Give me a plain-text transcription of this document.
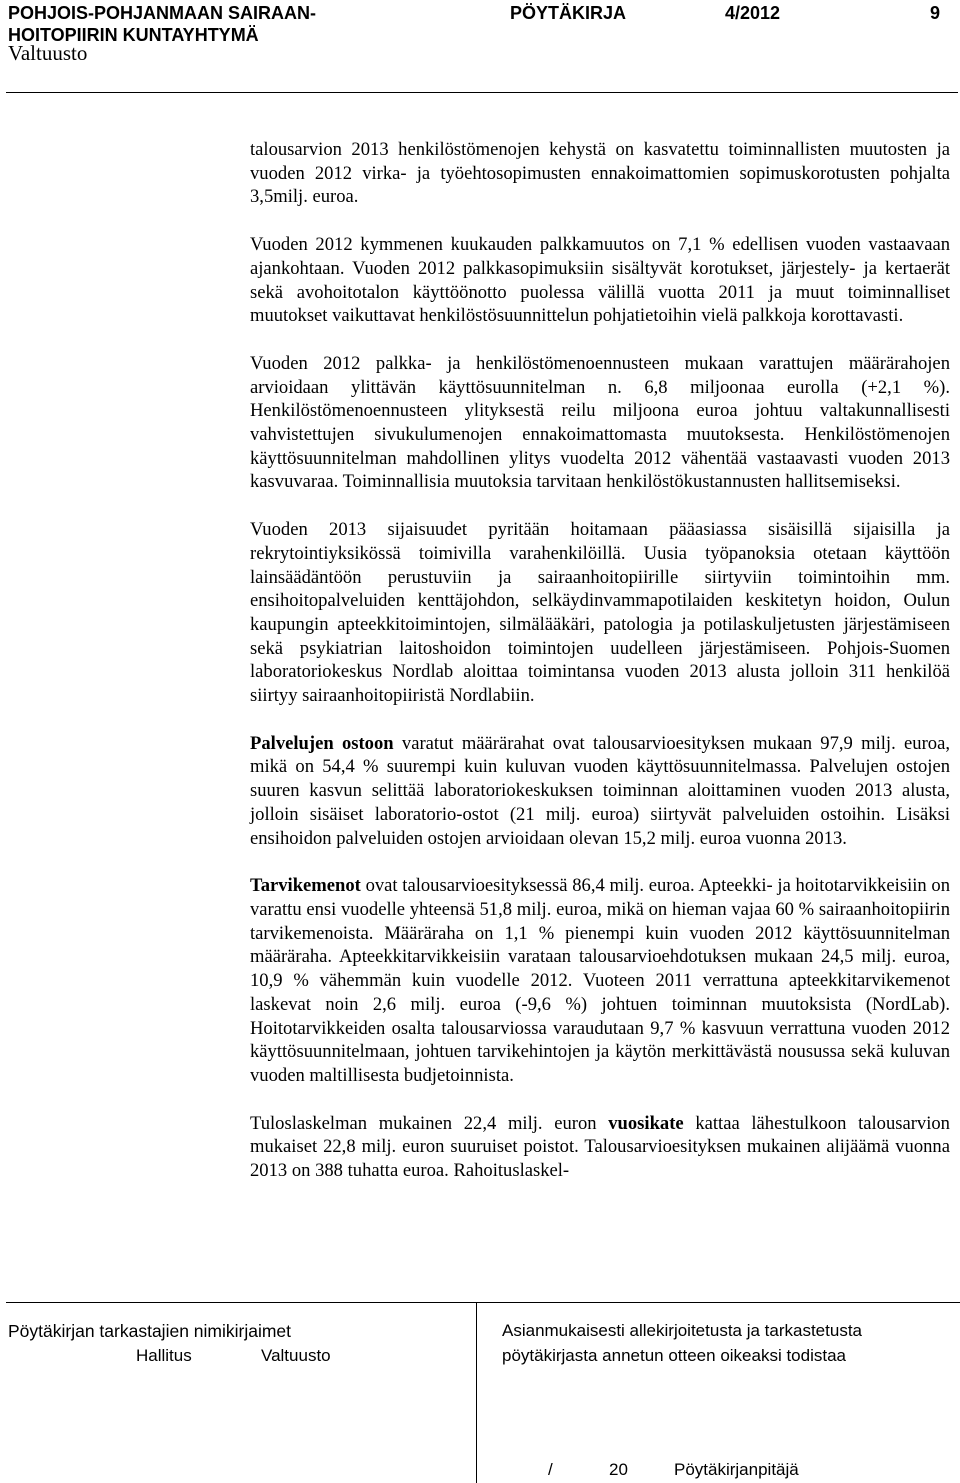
POHJOIS-POHJANMAAN SAIRAAN-
HOITOPIIRIN KUNTAYHTYMÄ
PÖYTÄKIRJA	4/2012	9
Valtuusto

talousarvion 2013 henkilöstömenojen kehystä on kasvatettu toiminnallisten muutosten ja vuoden 2012 virka- ja työehtosopimusten ennakoimattomien sopimuskorotusten pohjalta 3,5milj. euroa.

Vuoden 2012 kymmenen kuukauden palkkamuutos on 7,1 % edellisen vuoden vastaavaan ajankohtaan. Vuoden 2012 palkkasopimuksiin sisältyvät korotukset, järjestely- ja kertaerät sekä avohoitotalon käyttöönotto puolessa välillä vuotta 2011 ja muut toiminnalliset muutokset vaikuttavat henkilöstösuunnittelun pohjatietoihin vielä palkkoja korottavasti.

Vuoden 2012 palkka- ja henkilöstömenoennusteen mukaan varattujen määrärahojen arvioidaan ylittävän käyttösuunnitelman n. 6,8 miljoonaa eurolla (+2,1 %). Henkilöstömenoennusteen ylityksestä reilu miljoona euroa johtuu valtakunnallisesti vahvistettujen sivukulumenojen ennakoimattomasta muutoksesta. Henkilöstömenojen käyttösuunnitelman mahdollinen ylitys vuodelta 2012 vähentää vastaavasti vuoden 2013 kasvuvaraa. Toiminnallisia muutoksia tarvitaan henkilöstökustannusten hallitsemiseksi.

Vuoden 2013 sijaisuudet pyritään hoitamaan pääasiassa sisäisillä sijaisilla ja rekrytointiyksikössä toimivilla varahenkilöillä. Uusia työpanoksia otetaan käyttöön lainsäädäntöön perustuviin ja sairaanhoitopiirille siirtyviin toimintoihin mm. ensihoitopalveluiden kenttäjohdon, selkäydinvammapotilaiden keskitetyn hoidon, Oulun kaupungin apteekkitoimintojen, silmälääkäri, patologia ja potilaskuljetusten järjestämiseen sekä psykiatrian laitoshoidon toimintojen uudelleen järjestämiseen. Pohjois-Suomen laboratoriokeskus Nordlab aloittaa toimintansa vuoden 2013 alusta jolloin 311 henkilöä siirtyy sairaanhoitopiiristä Nordlabiin.

Palvelujen ostoon varatut määrärahat ovat talousarvioesityksen mukaan 97,9 milj. euroa, mikä on 54,4 % suurempi kuin kuluvan vuoden käyttösuunnitelmassa. Palvelujen ostojen suuren kasvun selittää laboratoriokeskuksen toiminnan aloittaminen vuoden 2013 alusta, jolloin sisäiset laboratorio-ostot (21 milj. euroa) siirtyvät palveluiden ostoihin. Lisäksi ensihoidon palveluiden ostojen arvioidaan olevan 15,2 milj. euroa vuonna 2013.

Tarvikemenot ovat talousarvioesityksessä 86,4 milj. euroa. Apteekki- ja hoitotarvikkeisiin on varattu ensi vuodelle yhteensä 51,8 milj. euroa, mikä on hieman vajaa 60 % sairaanhoitopiirin tarvikemenoista. Määräraha on 1,1 % pienempi kuin vuoden 2012 käyttösuunnitelman määräraha. Apteekkitarvikkeisiin varataan talousarvioehdotuksen mukaan 24,5 milj. euroa, 10,9 % vähemmän kuin vuodelle 2012. Vuoteen 2011 verrattuna apteekkitarvikemenot laskevat noin 2,6 milj. euroa (-9,6 %) johtuen toiminnan muutoksista (NordLab). Hoitotarvikkeiden osalta talousarviossa varaudutaan 9,7 % kasvuun verrattuna vuoden 2012 käyttösuunnitelmaan, johtuen tarvikehintojen ja käytön merkittävästä nousussa sekä kuluvan vuoden maltillisesta budjetoinnista.

Tuloslaskelman mukainen 22,4 milj. euron vuosikate kattaa lähestulkoon talousarvion mukaiset 22,8 milj. euron suuruiset poistot. Talousarvioesityksen mukainen alijäämä vuonna 2013 on 388 tuhatta euroa. Rahoituslaskel-

Pöytäkirjan tarkastajien nimikirjaimet
Hallitus	Valtuusto
Asianmukaisesti allekirjoitetusta ja tarkastetusta
pöytäkirjasta annetun otteen oikeaksi todistaa
/	20	Pöytäkirjanpitäjä
